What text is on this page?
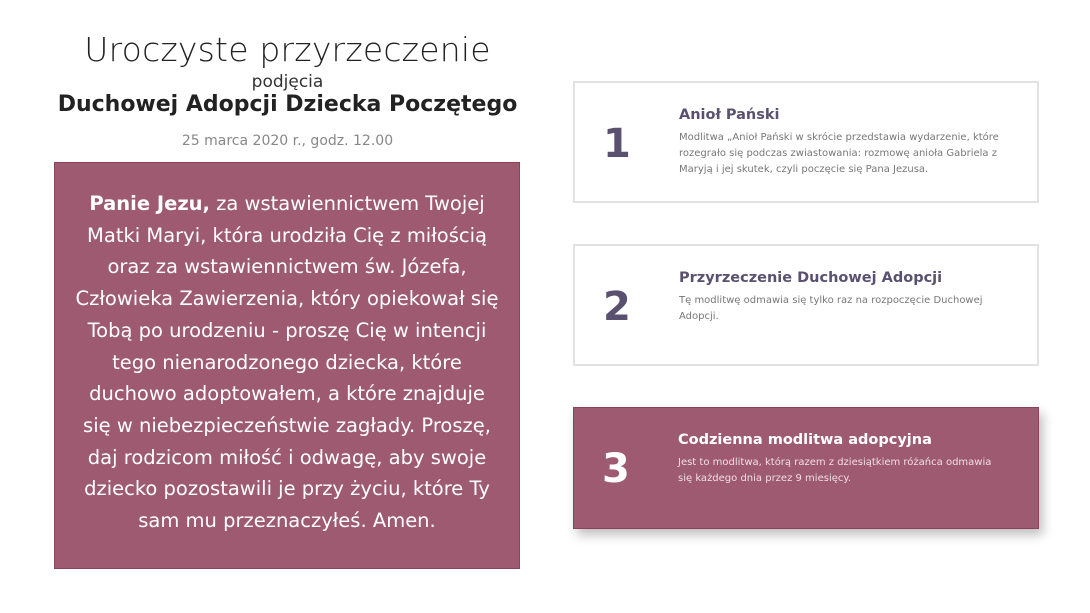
Uroczyste przyrzeczenie
podjęcia
Duchowej Adopcji Dziecka Poczętego
25 marca 2020 r., godz. 12.00
Panie Jezu, za wstawiennictwem Twojej
Matki Maryi, która urodziła Cię z miłością
oraz za wstawiennictwem św. Józefa,
Człowieka Zawierzenia, który opiekował się
Tobą po urodzeniu - proszę Cię w intencji
tego nienarodzonego dziecka, które
duchowo adoptowałem, a które znajduje
się w niebezpieczeństwie zagłady. Proszę,
daj rodzicom miłość i odwagę, aby swoje
dziecko pozostawili je przy życiu, które Ty
sam mu przeznaczyłeś. Amen.
1
Anioł Pański
Modlitwa „Anioł Pański w skrócie przedstawia wydarzenie, które rozegrało się podczas zwiastowania: rozmowę anioła Gabriela z Maryją i jej skutek, czyli poczęcie się Pana Jezusa.
2
Przyrzeczenie Duchowej Adopcji
Tę modlitwę odmawia się tylko raz na rozpoczęcie Duchowej Adopcji.
3
Codzienna modlitwa adopcyjna
Jest to modlitwa, którą razem z dziesiątkiem różańca odmawia się każdego dnia przez 9 miesięcy.
